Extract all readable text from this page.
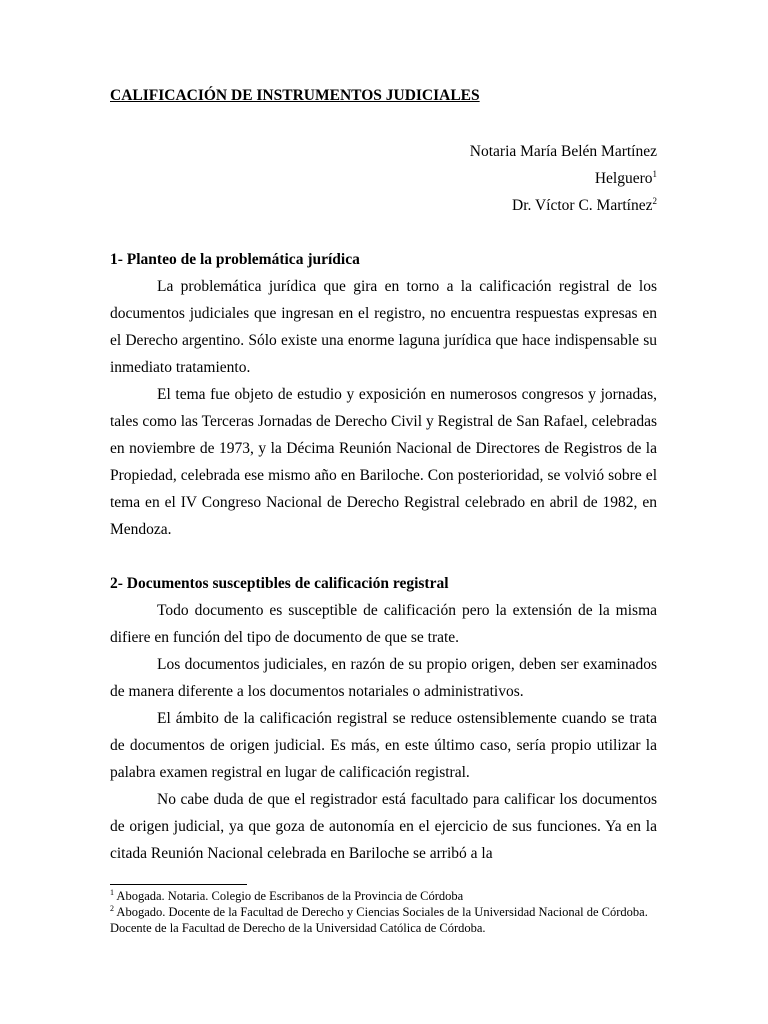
CALIFICACIÓN DE INSTRUMENTOS JUDICIALES
Notaria María Belén Martínez
Helguero$^1$
Dr. Víctor C. Martínez$^2$
1- Planteo de la problemática jurídica

La problemática jurídica que gira en torno a la calificación registral de los documentos judiciales que ingresan en el registro, no encuentra respuestas expresas en el Derecho argentino. Sólo existe una enorme laguna jurídica que hace indispensable su inmediato tratamiento.

El tema fue objeto de estudio y exposición en numerosos congresos y jornadas, tales como las Terceras Jornadas de Derecho Civil y Registral de San Rafael, celebradas en noviembre de 1973, y la Décima Reunión Nacional de Directores de Registros de la Propiedad, celebrada ese mismo año en Bariloche. Con posterioridad, se volvió sobre el tema en el IV Congreso Nacional de Derecho Registral celebrado en abril de 1982, en Mendoza.

2- Documentos susceptibles de calificación registral

Todo documento es susceptible de calificación pero la extensión de la misma difiere en función del tipo de documento de que se trate.

Los documentos judiciales, en razón de su propio origen, deben ser examinados de manera diferente a los documentos notariales o administrativos.

El ámbito de la calificación registral se reduce ostensiblemente cuando se trata de documentos de origen judicial. Es más, en este último caso, sería propio utilizar la palabra examen registral en lugar de calificación registral.

No cabe duda de que el registrador está facultado para calificar los documentos de origen judicial, ya que goza de autonomía en el ejercicio de sus funciones. Ya en la citada Reunión Nacional celebrada en Bariloche se arribó a la

$^1$ Abogada. Notaria. Colegio de Escribanos de la Provincia de Córdoba
$^2$ Abogado. Docente de la Facultad de Derecho y Ciencias Sociales de la Universidad Nacional de Córdoba. Docente de la Facultad de Derecho de la Universidad Católica de Córdoba.
